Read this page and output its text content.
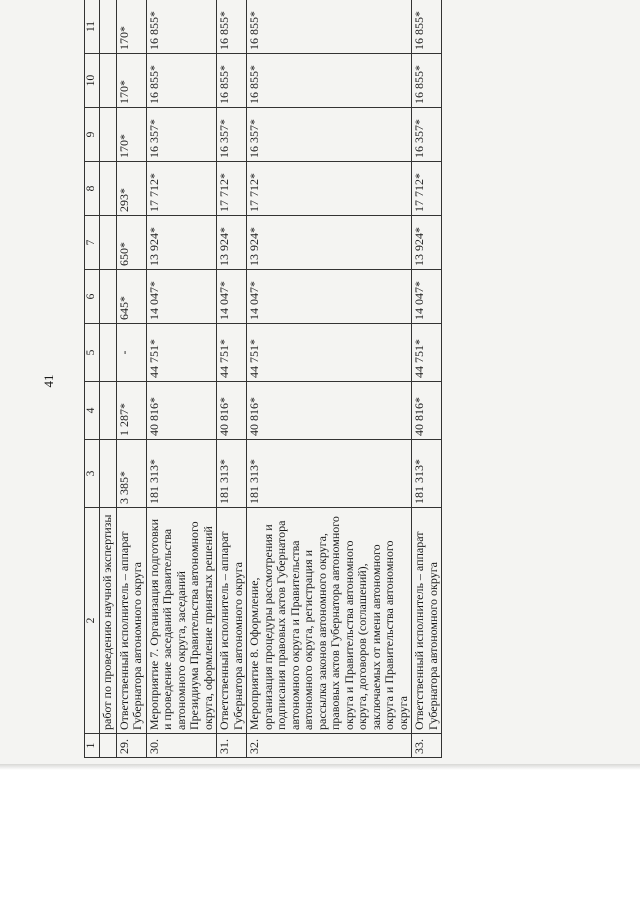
41
1	2	3	4	5	6	7	8	9	10	11
	работ по проведению научной экспертизы									
29.	Ответственный исполнитель – аппарат Губернатора автономного округа	3 385*	1 287*	-	645*	650*	293*	170*	170*	170*
30.	Мероприятие 7. Организация подготовки и проведение заседаний Правительства автономного округа, заседаний Президиума Правительства автономного округа, оформление принятых решений	181 313*	40 816*	44 751*	14 047*	13 924*	17 712*	16 357*	16 855*	16 855*
31.	Ответственный исполнитель – аппарат Губернатора автономного округа	181 313*	40 816*	44 751*	14 047*	13 924*	17 712*	16 357*	16 855*	16 855*
32.	Мероприятие 8. Оформление, организация процедуры рассмотрения и подписания правовых актов Губернатора автономного округа и Правительства автономного округа, регистрация и рассылка законов автономного округа, правовых актов Губернатора автономного округа и Правительства автономного округа, договоров (соглашений), заключаемых от имени автономного округа и Правительства автономного округа	181 313*	40 816*	44 751*	14 047*	13 924*	17 712*	16 357*	16 855*	16 855*
33.	Ответственный исполнитель – аппарат Губернатора автономного округа	181 313*	40 816*	44 751*	14 047*	13 924*	17 712*	16 357*	16 855*	16 855*
